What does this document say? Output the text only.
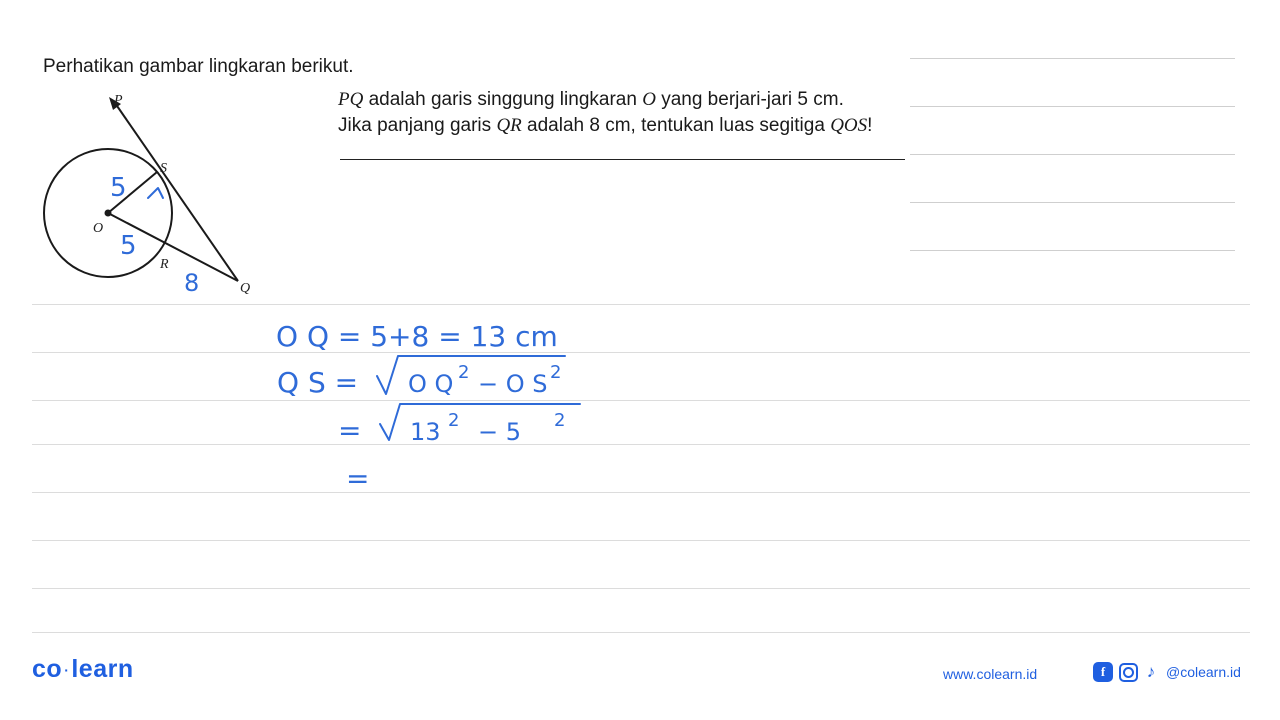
Perhatikan gambar lingkaran berikut.
PQ adalah garis singgung lingkaran O yang berjari-jari 5 cm.
Jika panjang garis QR adalah 8 cm, tentukan luas segitiga QOS!
P
S
O
R
Q
5
5
8
O Q = 5+8 = 13 cm
Q S = O Q 2 − O S 2
= 13 2 − 5 2
=
co ·learn	www.colearn.id	f	♪ @colearn.id
